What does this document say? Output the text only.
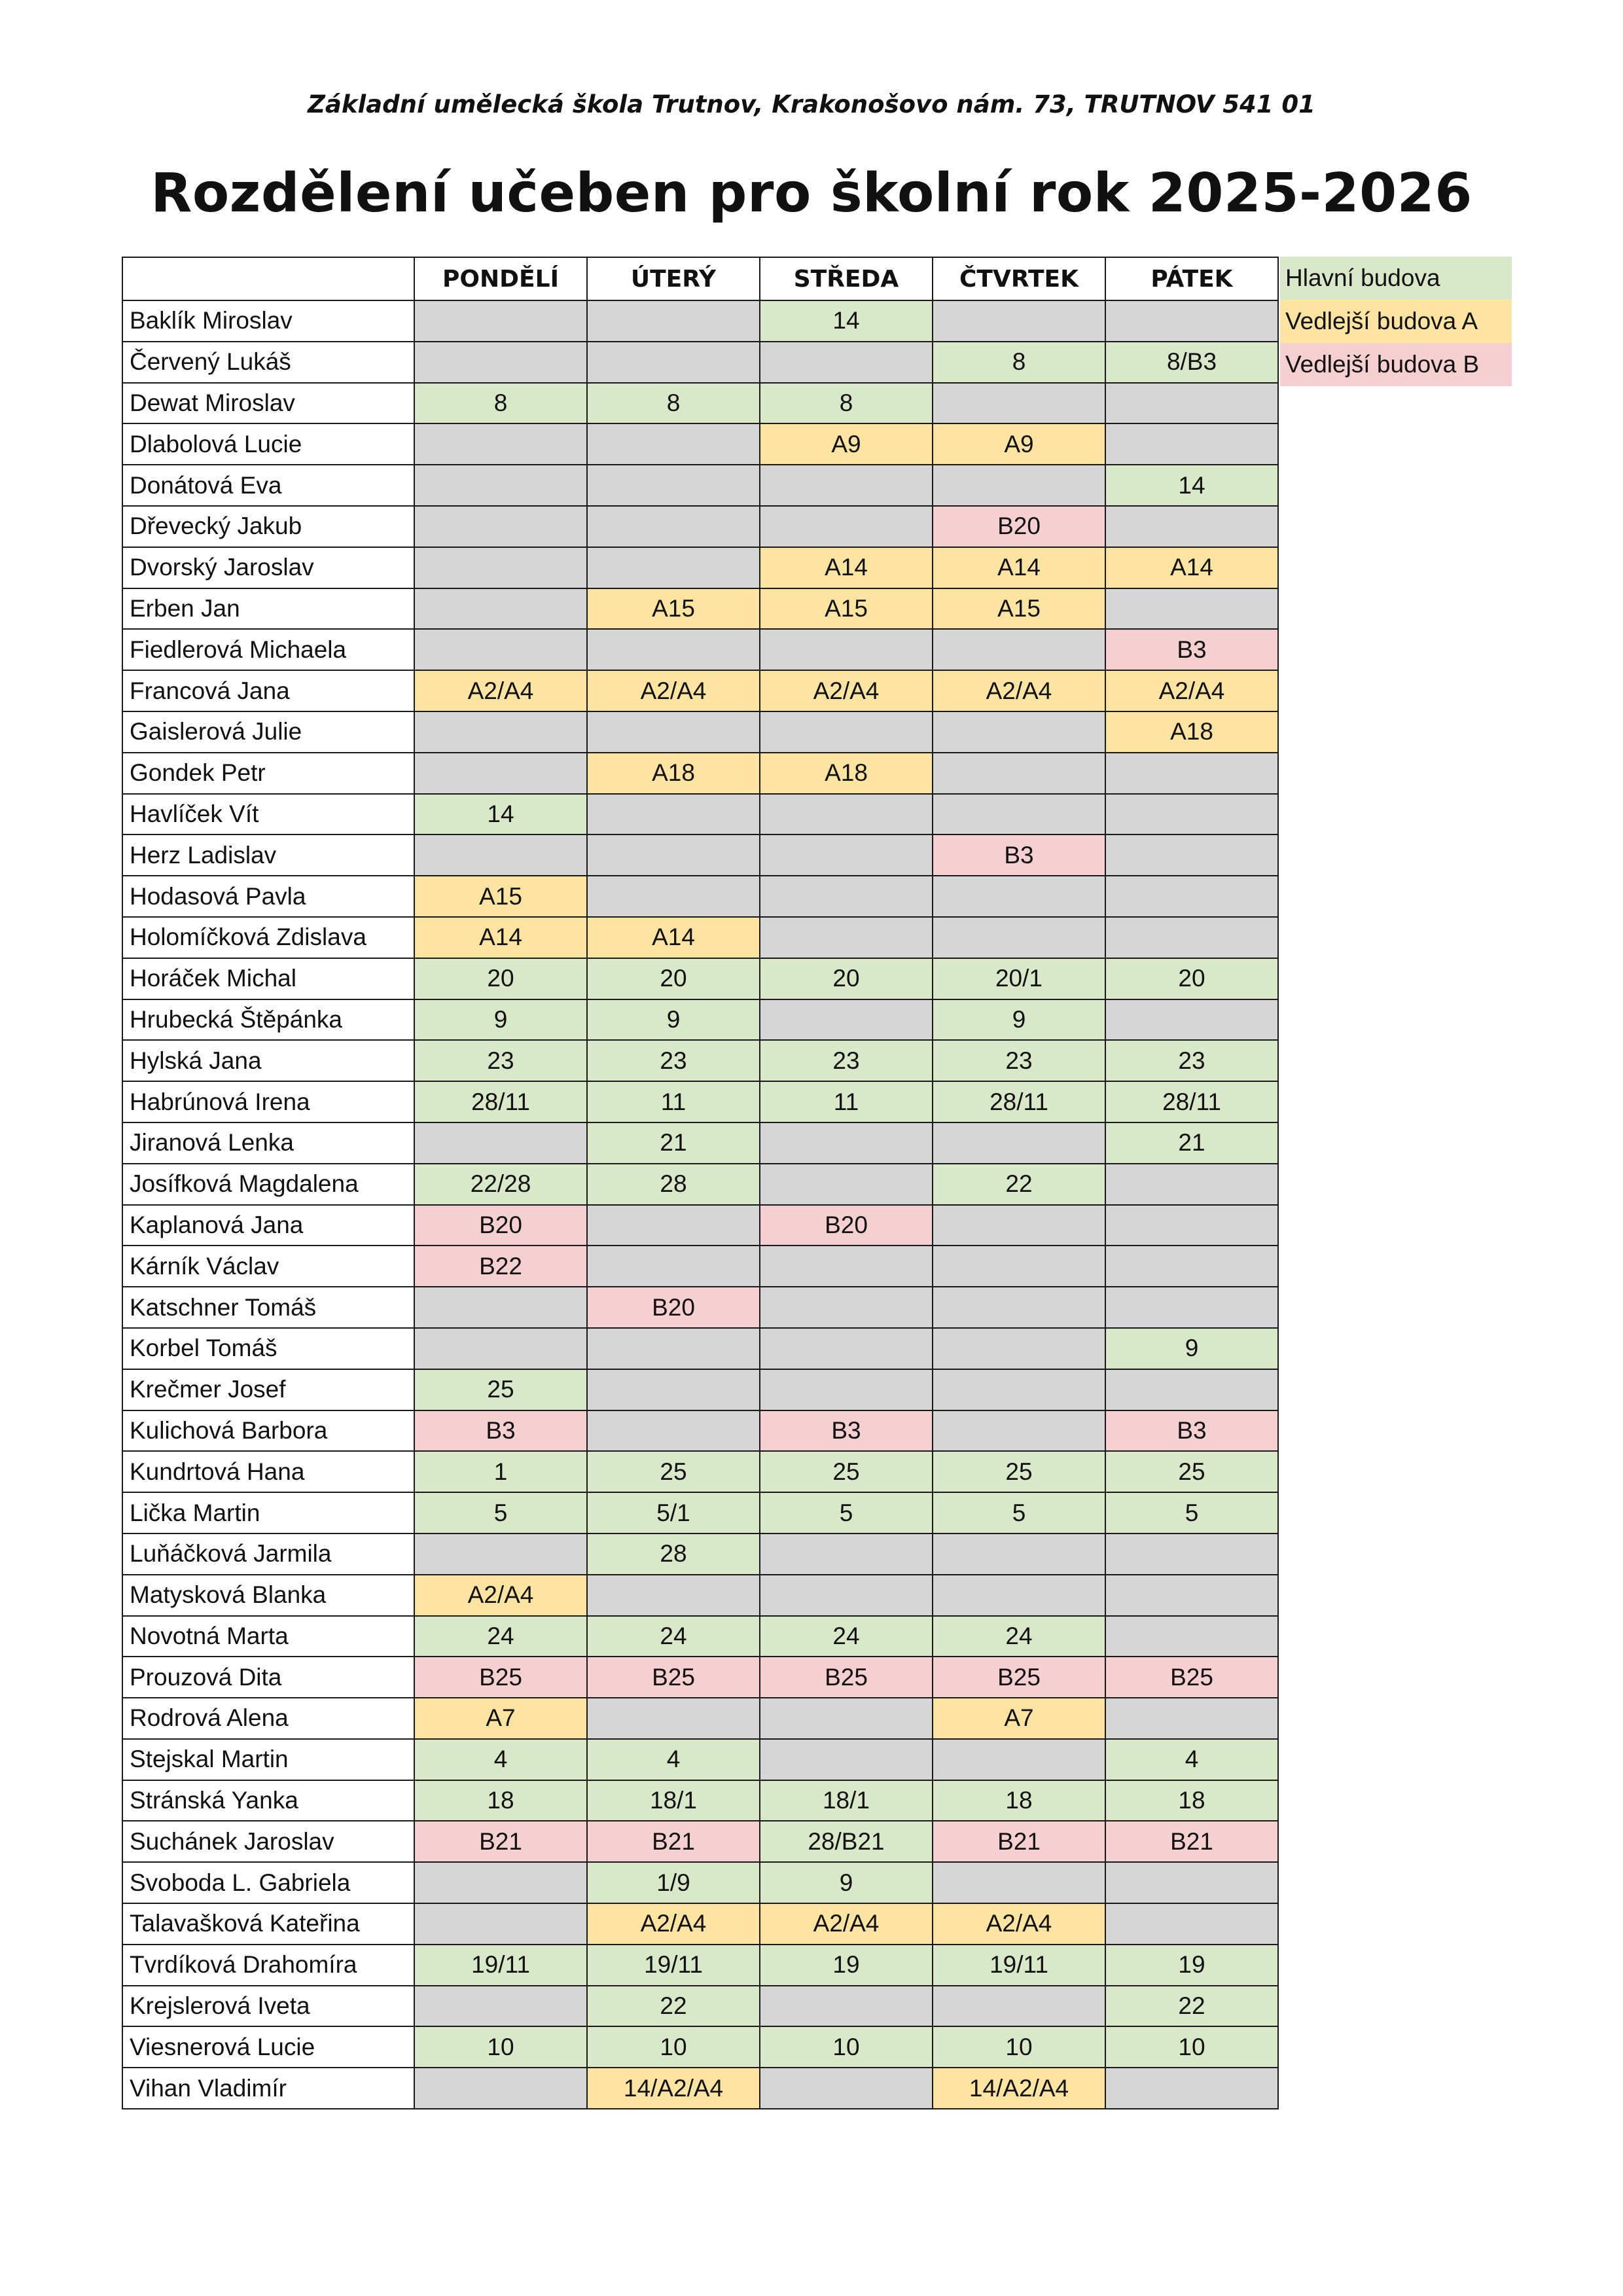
Základní umělecká škola Trutnov, Krakonošovo nám. 73, TRUTNOV 541 01
Rozdělení učeben pro školní rok 2025-2026
	PONDĚLÍ	ÚTERÝ	STŘEDA	ČTVRTEK	PÁTEK
Baklík Miroslav			14		
Červený Lukáš				8	8/B3
Dewat Miroslav	8	8	8		
Dlabolová Lucie			A9	A9	
Donátová Eva					14
Dřevecký Jakub				B20	
Dvorský Jaroslav			A14	A14	A14
Erben Jan		A15	A15	A15	
Fiedlerová Michaela					B3
Francová Jana	A2/A4	A2/A4	A2/A4	A2/A4	A2/A4
Gaislerová Julie					A18
Gondek Petr		A18	A18		
Havlíček Vít	14				
Herz Ladislav				B3	
Hodasová Pavla	A15				
Holomíčková Zdislava	A14	A14			
Horáček Michal	20	20	20	20/1	20
Hrubecká Štěpánka	9	9		9	
Hylská Jana	23	23	23	23	23
Habrúnová Irena	28/11	11	11	28/11	28/11
Jiranová Lenka		21			21
Josífková Magdalena	22/28	28		22	
Kaplanová Jana	B20		B20		
Kárník Václav	B22				
Katschner Tomáš		B20			
Korbel Tomáš					9
Krečmer Josef	25				
Kulichová Barbora	B3		B3		B3
Kundrtová Hana	1	25	25	25	25
Lička Martin	5	5/1	5	5	5
Luňáčková Jarmila		28			
Matysková Blanka	A2/A4				
Novotná Marta	24	24	24	24	
Prouzová Dita	B25	B25	B25	B25	B25
Rodrová Alena	A7			A7	
Stejskal Martin	4	4			4
Stránská Yanka	18	18/1	18/1	18	18
Suchánek Jaroslav	B21	B21	28/B21	B21	B21
Svoboda L. Gabriela		1/9	9		
Talavašková Kateřina		A2/A4	A2/A4	A2/A4	
Tvrdíková Drahomíra	19/11	19/11	19	19/11	19
Krejslerová Iveta		22			22
Viesnerová Lucie	10	10	10	10	10
Vihan Vladimír		14/A2/A4		14/A2/A4	
Hlavní budova
Vedlejší budova A
Vedlejší budova B
